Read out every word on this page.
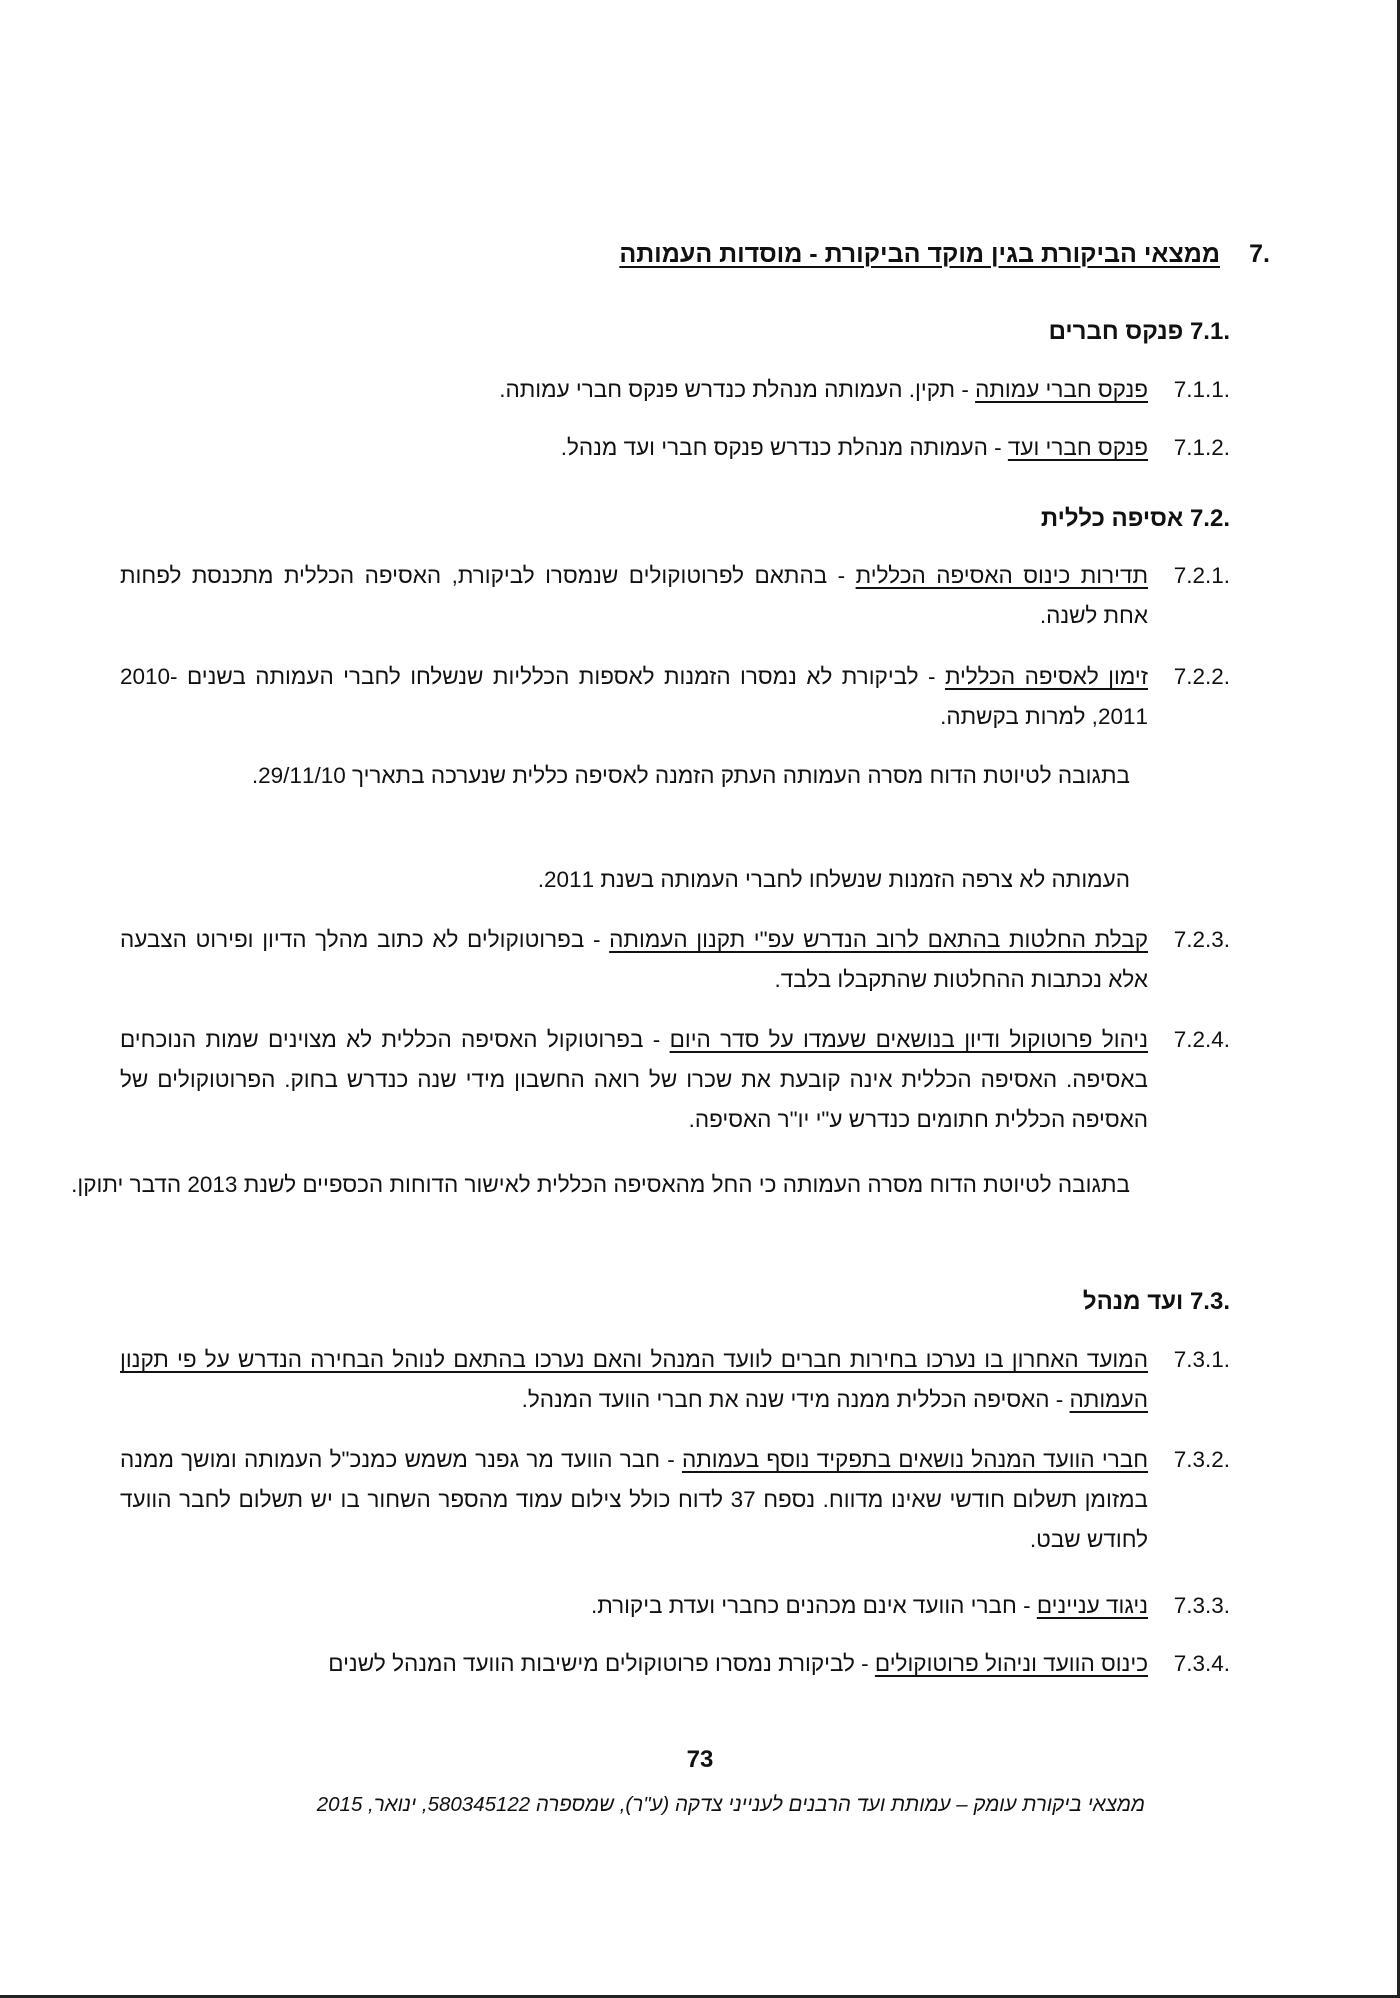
.7
ממצאי הביקורת בגין מוקד הביקורת - מוסדות העמותה
.7.1 פנקס חברים
.7.1.1
פנקס חברי עמותה - תקין. העמותה מנהלת כנדרש פנקס חברי עמותה.
.7.1.2
פנקס חברי ועד - העמותה מנהלת כנדרש פנקס חברי ועד מנהל.
.7.2 אסיפה כללית
.7.2.1
תדירות כינוס האסיפה הכללית - בהתאם לפרוטוקולים שנמסרו לביקורת, האסיפה הכללית מתכנסת לפחות אחת לשנה.
.7.2.2
זימון לאסיפה הכללית - לביקורת לא נמסרו הזמנות לאספות הכלליות שנשלחו לחברי העמותה בשנים 2010-2011, למרות בקשתה.
בתגובה לטיוטת הדוח מסרה העמותה העתק הזמנה לאסיפה כללית שנערכה בתאריך 29/11/10.
העמותה לא צרפה הזמנות שנשלחו לחברי העמותה בשנת 2011.
.7.2.3
קבלת החלטות בהתאם לרוב הנדרש עפ"י תקנון העמותה - בפרוטוקולים לא כתוב מהלך הדיון ופירוט הצבעה אלא נכתבות ההחלטות שהתקבלו בלבד.
.7.2.4
ניהול פרוטוקול ודיון בנושאים שעמדו על סדר היום - בפרוטוקול האסיפה הכללית לא מצוינים שמות הנוכחים באסיפה. האסיפה הכללית אינה קובעת את שכרו של רואה החשבון מידי שנה כנדרש בחוק. הפרוטוקולים של האסיפה הכללית חתומים כנדרש ע"י יו"ר האסיפה.
בתגובה לטיוטת הדוח מסרה העמותה כי החל מהאסיפה הכללית לאישור הדוחות הכספיים לשנת 2013 הדבר יתוקן.
.7.3 ועד מנהל
.7.3.1
המועד האחרון בו נערכו בחירות חברים לוועד המנהל והאם נערכו בהתאם לנוהל הבחירה הנדרש על פי תקנון העמותה - האסיפה הכללית ממנה מידי שנה את חברי הוועד המנהל.
.7.3.2
חברי הוועד המנהל נושאים בתפקיד נוסף בעמותה - חבר הוועד מר גפנר משמש כמנכ"ל העמותה ומושך ממנה במזומן תשלום חודשי שאינו מדווח. נספח 37 לדוח כולל צילום עמוד מהספר השחור בו יש תשלום לחבר הוועד לחודש שבט.
.7.3.3
ניגוד עניינים - חברי הוועד אינם מכהנים כחברי ועדת ביקורת.
.7.3.4
כינוס הוועד וניהול פרוטוקולים - לביקורת נמסרו פרוטוקולים מישיבות הוועד המנהל לשנים
73
ממצאי ביקורת עומק – עמותת ועד הרבנים לענייני צדקה (ע"ר), שמספרה 580345122, ינואר, 2015
